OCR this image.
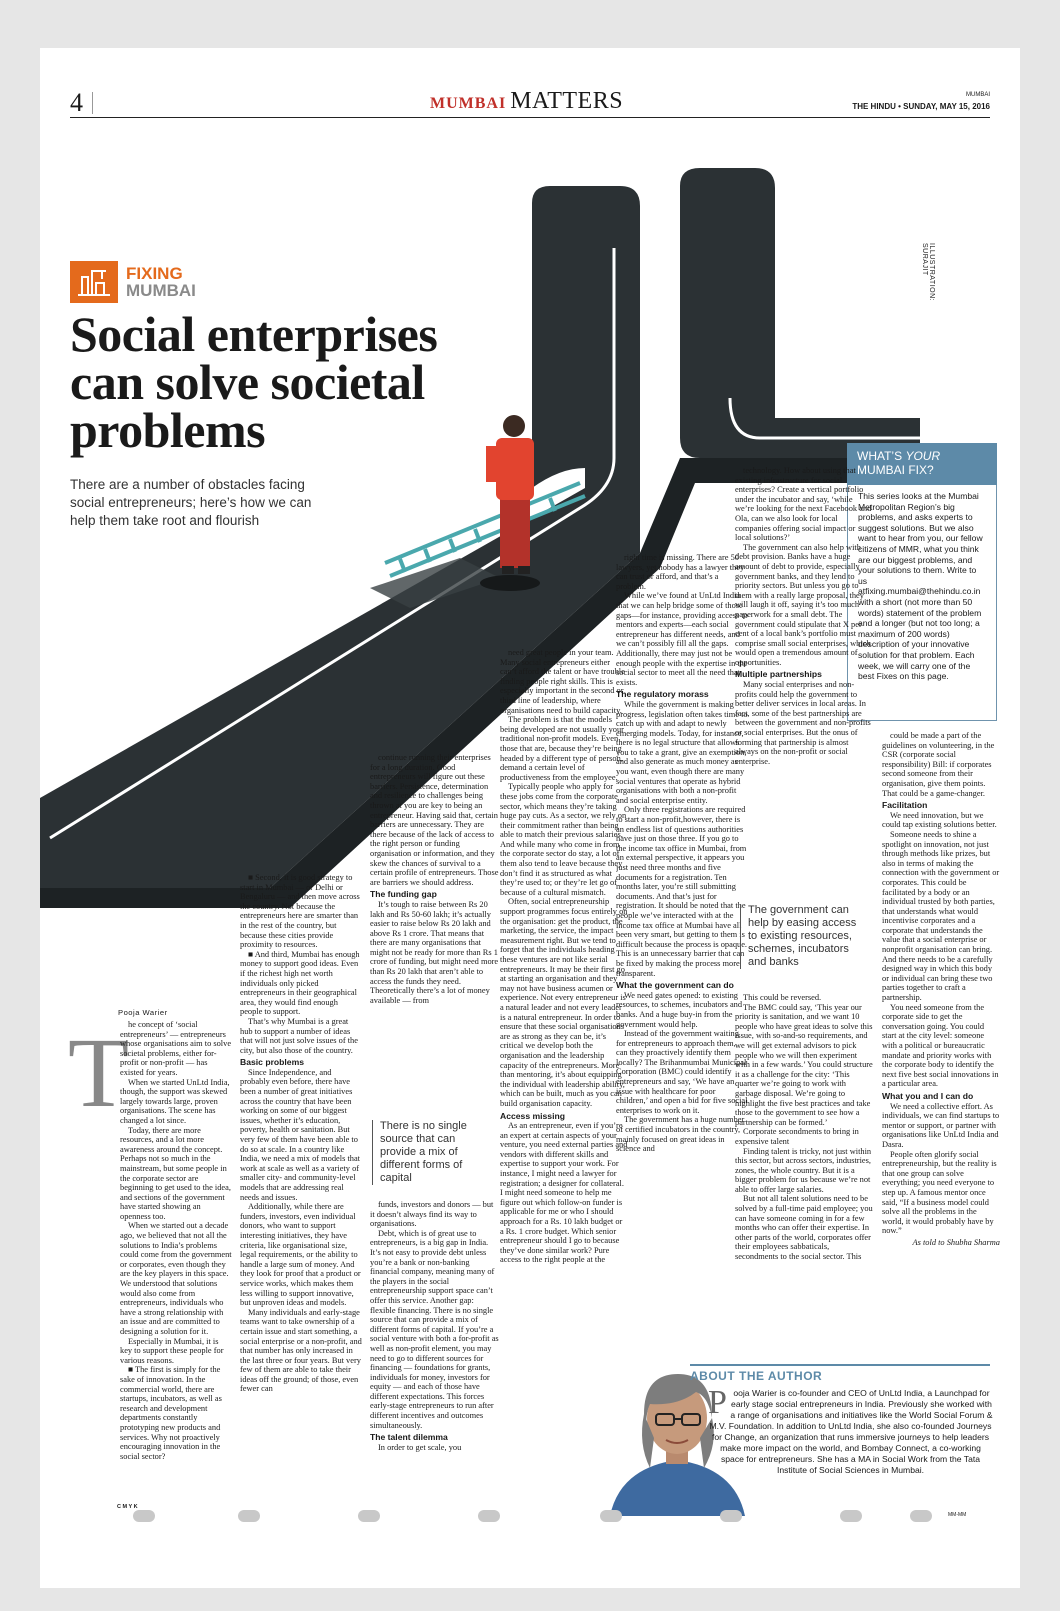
4	MUMBAI MATTERS	MUMBAI
THE HINDU • SUNDAY, MAY 15, 2016
ILLUSTRATION: SURAJIT
FIXING
MUMBAI
Social enterprises can solve societal problems
There are a number of obstacles facing social entrepreneurs; here’s how we can help them take root and flourish
WHAT’S YOUR
MUMBAI FIX?
This series looks at the Mumbai Metropolitan Region’s big problems, and asks experts to suggest solutions. But we also want to hear from you, our fellow citizens of MMR, what you think are our biggest problems, and your solutions to them. Write to us atfixing.mumbai@thehindu.co.in with a short (not more than 50 words) statement of the problem and a longer (but not too long; a maximum of 200 words) description of your innovative solution for that problem. Each week, we will carry one of the best Fixes on this page.
Pooja Warier
T

he concept of ‘social entrepreneurs’ — entrepreneurs whose organisations aim to solve societal problems, either for-profit or non-profit — has existed for years.

When we started UnLtd India, though, the support was skewed largely towards large, proven organisations. The scene has changed a lot since.

Today, there are more resources, and a lot more awareness around the concept. Perhaps not so much in the mainstream, but some people in the corporate sector are beginning to get used to the idea, and sections of the government have started showing an openness too.

When we started out a decade ago, we believed that not all the solutions to India’s problems could come from the government or corporates, even though they are the key players in this space. We understood that solutions would also come from entrepreneurs, individuals who have a strong relationship with an issue and are committed to designing a solution for it.

Especially in Mumbai, it is key to support these people for various reasons.

■ The first is simply for the sake of innovation. In the commercial world, there are startups, incubators, as well as research and development departments constantly prototyping new products and services. Why not proactively encouraging innovation in the social sector?

■ Second, it is good strategy to start in Mumbai — or Delhi or Bengaluru — and then move across the country. Not because the entrepreneurs here are smarter than in the rest of the country, but because these cities provide proximity to resources.

■ And third, Mumbai has enough money to support good ideas. Even if the richest high net worth individuals only picked entrepreneurs in their geographical area, they would find enough people to support.

That’s why Mumbai is a great hub to support a number of ideas that will not just solve issues of the city, but also those of the country.

Basic problems

Since Independence, and probably even before, there have been a number of great initiatives across the country that have been working on some of our biggest issues, whether it’s education, poverty, health or sanitation. But very few of them have been able to do so at scale. In a country like India, we need a mix of models that work at scale as well as a variety of smaller city- and community-level models that are addressing real needs and issues.

Additionally, while there are funders, investors, even individual donors, who want to support interesting initiatives, they have criteria, like organisational size, legal requirements, or the ability to handle a large sum of money. And they look for proof that a product or service works, which makes them less willing to support innovative, but unproven ideas and models.

Many individuals and early-stage teams want to take ownership of a certain issue and start something, a social enterprise or a non-profit, and that number has only increased in the last three or four years. But very few of them are able to take their ideas off the ground; of those, even fewer can

continue running their enterprises for a long duration. Good entrepreneurs will figure out these barriers. Persistence, determination and resilience to challenges being thrown at you are key to being an entrepreneur. Having said that, certain barriers are unnecessary. They are there because of the lack of access to the right person or funding organisation or information, and they skew the chances of survival to a certain profile of entrepreneurs. Those are barriers we should address.

The funding gap

It’s tough to raise between Rs 20 lakh and Rs 50-60 lakh; it’s actually easier to raise below Rs 20 lakh and above Rs 1 crore. That means that there are many organisations that might not be ready for more than Rs 1 crore of funding, but might need more than Rs 20 lakh that aren’t able to access the funds they need. Theoretically there’s a lot of money available — from

There is no single source that can provide a mix of different forms of capital

funds, investors and donors — but it doesn’t always find its way to organisations.

Debt, which is of great use to entrepreneurs, is a big gap in India. It’s not easy to provide debt unless you’re a bank or non-banking financial company, meaning many of the players in the social entrepreneurship support space can’t offer this service. Another gap: flexible financing. There is no single source that can provide a mix of different forms of capital. If you’re a social venture with both a for-profit as well as non-profit element, you may need to go to different sources for financing — foundations for grants, individuals for money, investors for equity — and each of those have different expectations. This forces early-stage entrepreneurs to run after different incentives and outcomes simultaneously.

The talent dilemma

In order to get scale, you

need great people in your team. Many social entrepreneurs either can’t afford the talent or have trouble finding people right skills. This is especially important in the second or third line of leadership, where organisations need to build capacity.

The problem is that the models being developed are not usually your traditional non-profit models. Even those that are, because they’re being headed by a different type of person, demand a certain level of productiveness from the employee.

Typically people who apply for these jobs come from the corporate sector, which means they’re taking huge pay cuts. As a sector, we rely on their commitment rather than being able to match their previous salaries. And while many who come in from the corporate sector do stay, a lot of them also tend to leave because they don’t find it as structured as what they’re used to; or they’re let go of because of a cultural mismatch.

Often, social entrepreneurship support programmes focus entirely on the organisation: get the product, the marketing, the service, the impact measurement right. But we tend to forget that the individuals heading these ventures are not like serial entrepreneurs. It may be their first go at starting an organisation and they may not have business acumen or experience. Not every entrepreneur is a natural leader and not every leader is a natural entrepreneur. In order to ensure that these social organisations are as strong as they can be, it’s critical we develop both the organisation and the leadership capacity of the entrepreneurs. More than mentoring, it’s about equipping the individual with leadership ability, which can be built, much as you can build organisation capacity.

Access missing

As an entrepreneur, even if you’re an expert at certain aspects of your venture, you need external parties and vendors with different skills and expertise to support your work. For instance, I might need a lawyer for registration; a designer for collateral. I might need someone to help me figure out which follow-on funder is applicable for me or who I should approach for a Rs. 10 lakh budget or a Rs. 1 crore budget. Which senior entrepreneur should I go to because they’ve done similar work? Pure access to the right people at the

right time is missing. There are 50 lawyers, yet nobody has a lawyer they can trust or afford, and that’s a problem.

While we’ve found at UnLtd India that we can help bridge some of those gaps—for instance, providing access to mentors and experts—each social entrepreneur has different needs, and we can’t possibly fill all the gaps. Additionally, there may just not be enough people with the expertise in the social sector to meet all the need that exists.

The regulatory morass

While the government is making progress, legislation often takes time to catch up with and adapt to newly emerging models. Today, for instance, there is no legal structure that allows you to take a grant, give an exemption, and also generate as much money as you want, even though there are many social ventures that operate as hybrid organisations with both a non-profit and social enterprise entity.

Only three registrations are required to start a non-profit,however, there is an endless list of questions authorities have just on those three. If you go to the income tax office in Mumbai, from an external perspective, it appears you just need three months and five documents for a registration. Ten months later, you’re still submitting documents. And that’s just for registration. It should be noted that the people we’ve interacted with at the income tax office at Mumbai have all been very smart, but getting to them is difficult because the process is opaque. This is an unnecessary barrier that can be fixed by making the process more transparent.

What the government can do

We need gates opened: to existing resources, to schemes, incubators and banks. And a huge buy-in from the government would help.

Instead of the government waiting for entrepreneurs to approach them, can they proactively identify them locally? The Brihanmumbai Municipal Corporation (BMC) could identify entrepreneurs and say, ‘We have an issue with healthcare for poor children,’ and open a bid for five social enterprises to work on it.

The government has a huge number of certified incubators in the country, mainly focused on great ideas in science and

technology. How about using that existing infrastructure for social enterprises? Create a vertical portfolio under the incubator and say, ‘while we’re looking for the next Facebook and Ola, can we also look for local companies offering social impact or local solutions?’

The government can also help with debt provision. Banks have a huge amount of debt to provide, especially government banks, and they lend to priority sectors. But unless you go to them with a really large proposal, they will laugh it off, saying it’s too much paperwork for a small debt. The government could stipulate that X per cent of a local bank’s portfolio must comprise small social enterprises, which would open a tremendous amount of opportunities.

Multiple partnerships

Many social enterprises and non-profits could help the government to better deliver services in local areas. In fact, some of the best partnerships are between the government and non-profits or social enterprises. But the onus of forming that partnership is almost always on the non-profit or social enterprise.

The government can help by easing access to existing resources, schemes, incubators and banks

This could be reversed.

The BMC could say, ‘This year our priority is sanitation, and we want 10 people who have great ideas to solve this issue, with so-and-so requirements, and we will get external advisors to pick people who we will then experiment with in a few wards.’ You could structure it as a challenge for the city: ‘This quarter we’re going to work with garbage disposal. We’re going to highlight the five best practices and take those to the government to see how a partnership can be formed.’

Corporate secondments to bring in expensive talent

Finding talent is tricky, not just within this sector, but across sectors, industries, zones, the whole country. But it is a bigger problem for us because we’re not able to offer large salaries.

But not all talent solutions need to be solved by a full-time paid employee; you can have someone coming in for a few months who can offer their expertise. In other parts of the world, corporates offer their employees sabbaticals, secondments to the social sector. This

could be made a part of the guidelines on volunteering, in the CSR (corporate social responsibility) Bill: if corporates second someone from their organisation, give them points. That could be a game-changer.

Facilitation

We need innovation, but we could tap existing solutions better.

Someone needs to shine a spotlight on innovation, not just through methods like prizes, but also in terms of making the connection with the government or corporates. This could be facilitated by a body or an individual trusted by both parties, that understands what would incentivise corporates and a corporate that understands the value that a social enterprise or nonprofit organisation can bring. And there needs to be a carefully designed way in which this body or individual can bring these two parties together to craft a partnership.

You need someone from the corporate side to get the conversation going. You could start at the city level: someone with a political or bureaucratic mandate and priority works with the corporate body to identify the next five best social innovations in a particular area.

What you and I can do

We need a collective effort. As individuals, we can find startups to mentor or support, or partner with organisations like UnLtd India and Dasra.

People often glorify social entrepreneurship, but the reality is that one group can solve everything; you need everyone to step up. A famous mentor once said, “If a business model could solve all the problems in the world, it would probably have by now.”

As told to Shubha Sharma

ABOUT THE AUTHOR
Pooja Warier is co-founder and CEO of UnLtd India, a Launchpad for early stage social entrepreneurs in India. Previously she worked with a range of organisations and initiatives like the World Social Forum & M.V. Foundation. In addition to UnLtd India, she also co-founded Journeys for Change, an organization that runs immersive journeys to help leaders make more impact on the world, and Bombay Connect, a co-working space for entrepreneurs. She has a MA in Social Work from the Tata Institute of Social Sciences in Mumbai.
C M Y K
MM-MM
